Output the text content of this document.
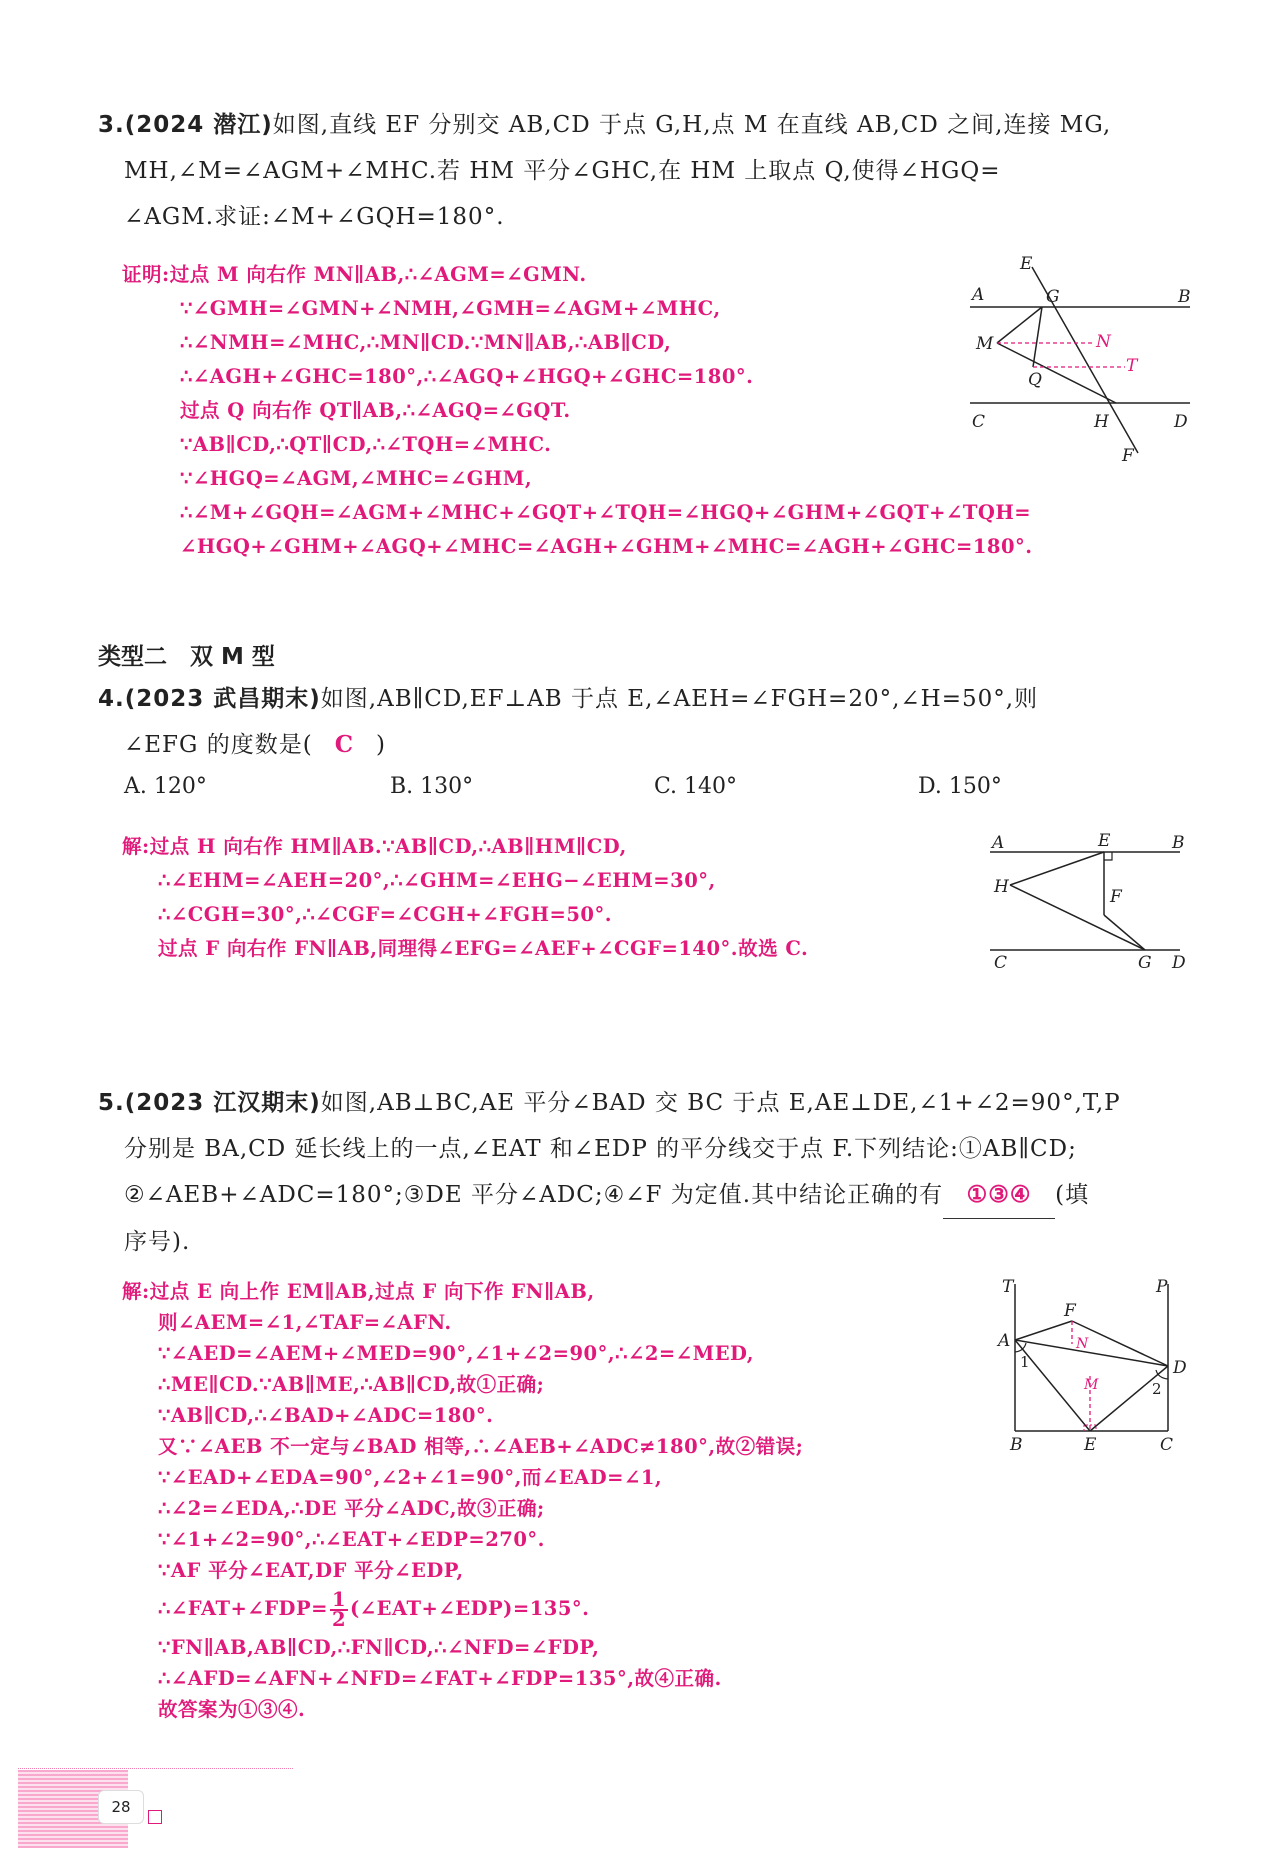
3.(2024 潜江)如图,直线 EF 分别交 AB,CD 于点 G,H,点 M 在直线 AB,CD 之间,连接 MG,
MH,∠M=∠AGM+∠MHC.若 HM 平分∠GHC,在 HM 上取点 Q,使得∠HGQ=
∠AGM.求证:∠M+∠GQH=180°.
证明:过点 M 向右作 MN∥AB,∴∠AGM=∠GMN.
∵∠GMH=∠GMN+∠NMH,∠GMH=∠AGM+∠MHC,
∴∠NMH=∠MHC,∴MN∥CD.∵MN∥AB,∴AB∥CD,
∴∠AGH+∠GHC=180°,∴∠AGQ+∠HGQ+∠GHC=180°.
过点 Q 向右作 QT∥AB,∴∠AGQ=∠GQT.
∵AB∥CD,∴QT∥CD,∴∠TQH=∠MHC.
∵∠HGQ=∠AGM,∠MHC=∠GHM,
∴∠M+∠GQH=∠AGM+∠MHC+∠GQT+∠TQH=∠HGQ+∠GHM+∠GQT+∠TQH=
∠HGQ+∠GHM+∠AGQ+∠MHC=∠AGH+∠GHM+∠MHC=∠AGH+∠GHC=180°.
E
A	G	B
M	N
Q
T
C	H	D
F
类型二　双 M 型
4.(2023 武昌期末)如图,AB∥CD,EF⊥AB 于点 E,∠AEH=∠FGH=20°,∠H=50°,则
∠EFG 的度数是( C )
A. 120°	B. 130°	C. 140°	D. 150°
解:过点 H 向右作 HM∥AB.∵AB∥CD,∴AB∥HM∥CD,
∴∠EHM=∠AEH=20°,∴∠GHM=∠EHG−∠EHM=30°,
∴∠CGH=30°,∴∠CGF=∠CGH+∠FGH=50°.
过点 F 向右作 FN∥AB,同理得∠EFG=∠AEF+∠CGF=140°.故选 C.
A	E	B
H	F
C	G D
5.(2023 江汉期末)如图,AB⊥BC,AE 平分∠BAD 交 BC 于点 E,AE⊥DE,∠1+∠2=90°,T,P
分别是 BA,CD 延长线上的一点,∠EAT 和∠EDP 的平分线交于点 F.下列结论:①AB∥CD;
②∠AEB+∠ADC=180°;③DE 平分∠ADC;④∠F 为定值.其中结论正确的有 ①③④ (填
序号).
解:过点 E 向上作 EM∥AB,过点 F 向下作 FN∥AB,
则∠AEM=∠1,∠TAF=∠AFN.
∵∠AED=∠AEM+∠MED=90°,∠1+∠2=90°,∴∠2=∠MED,
∴ME∥CD.∵AB∥ME,∴AB∥CD,故①正确;
∵AB∥CD,∴∠BAD+∠ADC=180°.
又∵∠AEB 不一定与∠BAD 相等,∴∠AEB+∠ADC≠180°,故②错误;
∵∠EAD+∠EDA=90°,∠2+∠1=90°,而∠EAD=∠1,
∴∠2=∠EDA,∴DE 平分∠ADC,故③正确;
∵∠1+∠2=90°,∴∠EAT+∠EDP=270°.
∵AF 平分∠EAT,DF 平分∠EDP,
∴∠FAT+∠FDP= $\frac{1}{2}$ (∠EAT+∠EDP)=135°.
∵FN∥AB,AB∥CD,∴FN∥CD,∴∠NFD=∠FDP,
∴∠AFD=∠AFN+∠NFD=∠FAT+∠FDP=135°,故④正确.
故答案为①③④.
T	P
F
N
A
D
M
1
2
B	E	C
28
